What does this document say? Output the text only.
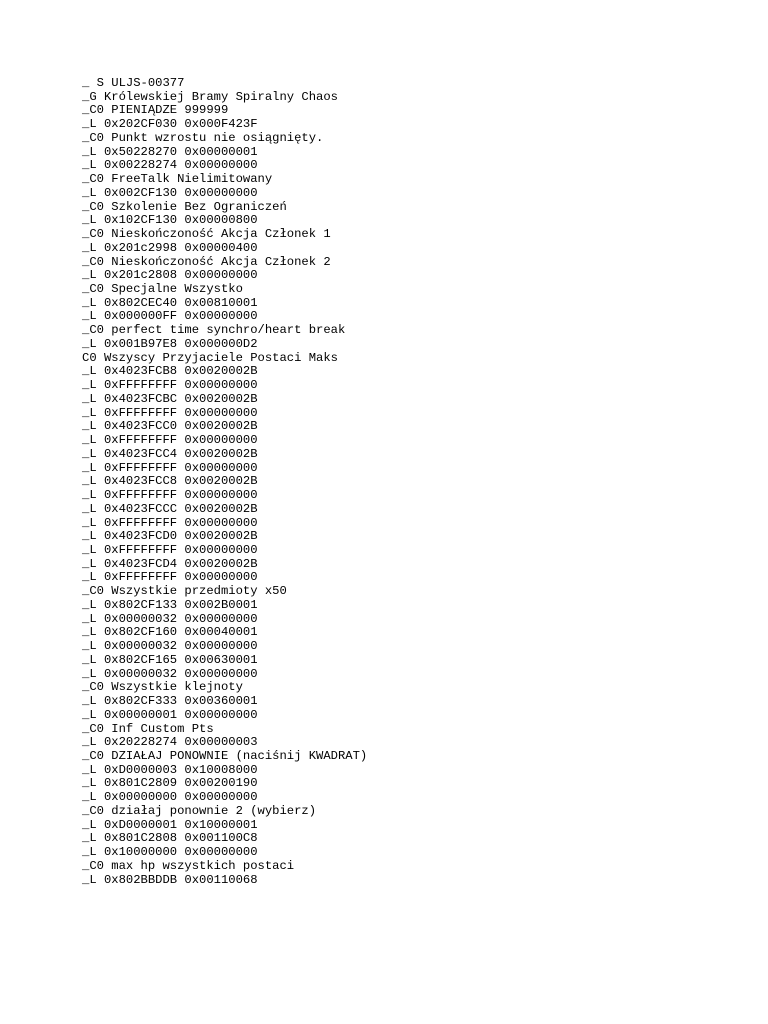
_ S ULJS-00377
_G Królewskiej Bramy Spiralny Chaos
_C0 PIENIĄDZE 999999
_L 0x202CF030 0x000F423F
_C0 Punkt wzrostu nie osiągnięty.
_L 0x50228270 0x00000001
_L 0x00228274 0x00000000
_C0 FreeTalk Nielimitowany
_L 0x002CF130 0x00000000
_C0 Szkolenie Bez Ograniczeń
_L 0x102CF130 0x00000800
_C0 Nieskończoność Akcja Członek 1
_L 0x201c2998 0x00000400
_C0 Nieskończoność Akcja Członek 2
_L 0x201c2808 0x00000000
_C0 Specjalne Wszystko
_L 0x802CEC40 0x00810001
_L 0x000000FF 0x00000000
_C0 perfect time synchro/heart break
_L 0x001B97E8 0x000000D2
C0 Wszyscy Przyjaciele Postaci Maks
_L 0x4023FCB8 0x0020002B
_L 0xFFFFFFFF 0x00000000
_L 0x4023FCBC 0x0020002B
_L 0xFFFFFFFF 0x00000000
_L 0x4023FCC0 0x0020002B
_L 0xFFFFFFFF 0x00000000
_L 0x4023FCC4 0x0020002B
_L 0xFFFFFFFF 0x00000000
_L 0x4023FCC8 0x0020002B
_L 0xFFFFFFFF 0x00000000
_L 0x4023FCCC 0x0020002B
_L 0xFFFFFFFF 0x00000000
_L 0x4023FCD0 0x0020002B
_L 0xFFFFFFFF 0x00000000
_L 0x4023FCD4 0x0020002B
_L 0xFFFFFFFF 0x00000000
_C0 Wszystkie przedmioty x50
_L 0x802CF133 0x002B0001
_L 0x00000032 0x00000000
_L 0x802CF160 0x00040001
_L 0x00000032 0x00000000
_L 0x802CF165 0x00630001
_L 0x00000032 0x00000000
_C0 Wszystkie klejnoty
_L 0x802CF333 0x00360001
_L 0x00000001 0x00000000
_C0 Inf Custom Pts
_L 0x20228274 0x00000003
_C0 DZIAŁAJ PONOWNIE (naciśnij KWADRAT)
_L 0xD0000003 0x10008000
_L 0x801C2809 0x00200190
_L 0x00000000 0x00000000
_C0 działaj ponownie 2 (wybierz)
_L 0xD0000001 0x10000001
_L 0x801C2808 0x001100C8
_L 0x10000000 0x00000000
_C0 max hp wszystkich postaci
_L 0x802BBDDB 0x00110068
